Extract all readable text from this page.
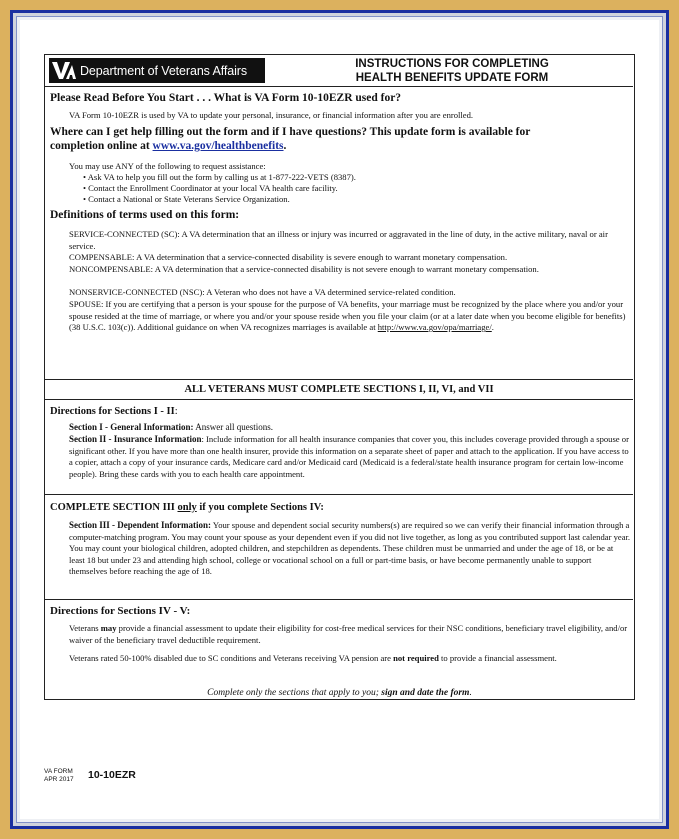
Department of Veterans Affairs	INSTRUCTIONS FOR COMPLETING
HEALTH BENEFITS UPDATE FORM
Please Read Before You Start . . . What is VA Form 10-10EZR used for?
VA Form 10-10EZR is used by VA to update your personal, insurance, or financial information after you are enrolled.
Where can I get help filling out the form and if I have questions? This update form is available for
completion online at www.va.gov/healthbenefits.
You may use ANY of the following to request assistance:
• Ask VA to help you fill out the form by calling us at 1-877-222-VETS (8387).
• Contact the Enrollment Coordinator at your local VA health care facility.
• Contact a National or State Veterans Service Organization.
Definitions of terms used on this form:
SERVICE-CONNECTED (SC): A VA determination that an illness or injury was incurred or aggravated in the line of duty, in the active military, naval or air service.
COMPENSABLE: A VA determination that a service-connected disability is severe enough to warrant monetary compensation.
NONCOMPENSABLE: A VA determination that a service-connected disability is not severe enough to warrant monetary compensation.
NONSERVICE-CONNECTED (NSC): A Veteran who does not have a VA determined service-related condition.
SPOUSE: If you are certifying that a person is your spouse for the purpose of VA benefits, your marriage must be recognized by the place where you and/or your spouse resided at the time of marriage, or where you and/or your spouse reside when you file your claim (or at a later date when you become eligible for benefits) (38 U.S.C. 103(c)). Additional guidance on when VA recognizes marriages is available at http://www.va.gov/opa/marriage/.
ALL VETERANS MUST COMPLETE SECTIONS I, II, VI, and VII
Directions for Sections I - II:
Section I - General Information: Answer all questions.
Section II - Insurance Information: Include information for all health insurance companies that cover you, this includes coverage provided through a spouse or significant other. If you have more than one health insurer, provide this information on a separate sheet of paper and attach to the application. If you have access to a copier, attach a copy of your insurance cards, Medicare card and/or Medicaid card (Medicaid is a federal/state health insurance program for certain low-income people). Bring these cards with you to each health care appointment.
COMPLETE SECTION III only if you complete Sections IV:
Section III - Dependent Information: Your spouse and dependent social security numbers(s) are required so we can verify their financial information through a computer-matching program. You may count your spouse as your dependent even if you did not live together, as long as you contributed support last calendar year. You may count your biological children, adopted children, and stepchildren as dependents. These children must be unmarried and under the age of 18, or be at least 18 but under 23 and attending high school, college or vocational school on a full or part-time basis, or have become permanently unable to support themselves before reaching the age of 18.
Directions for Sections IV - V:
Veterans may provide a financial assessment to update their eligibility for cost-free medical services for their NSC conditions, beneficiary travel eligibility, and/or waiver of the beneficiary travel deductible requirement.
Veterans rated 50-100% disabled due to SC conditions and Veterans receiving VA pension are not required to provide a financial assessment.
Complete only the sections that apply to you; sign and date the form.
VA FORM
APR 2017 10-10EZR
